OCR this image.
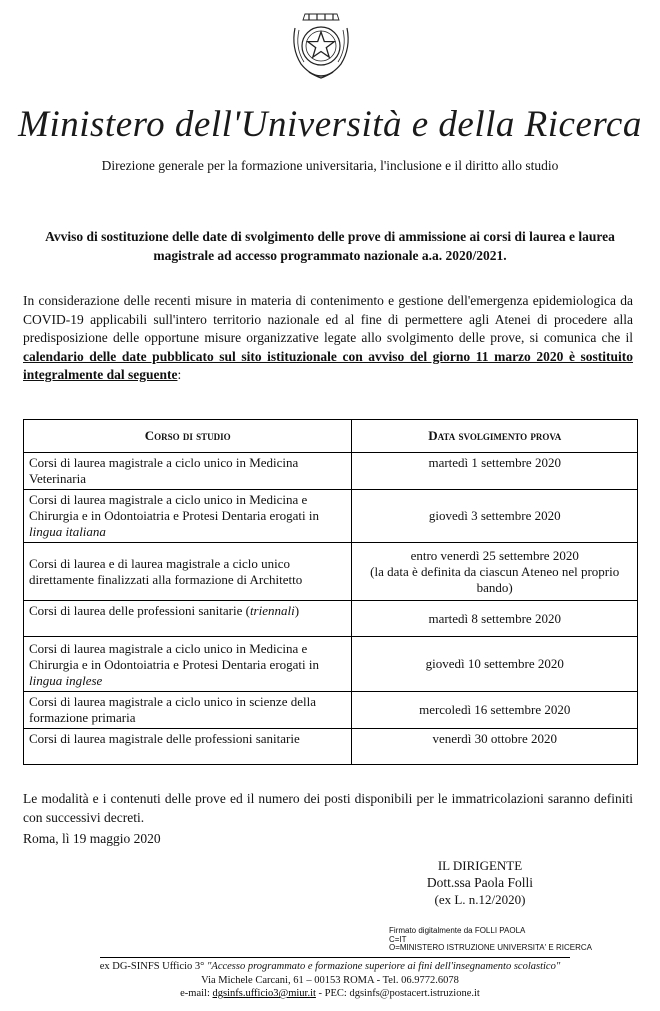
Ministero dell'Università e della Ricerca
Direzione generale per la formazione universitaria, l'inclusione e il diritto allo studio
Avviso di sostituzione delle date di svolgimento delle prove di ammissione ai corsi di laurea e laurea magistrale ad accesso programmato nazionale a.a. 2020/2021.
In considerazione delle recenti misure in materia di contenimento e gestione dell'emergenza epidemiologica da COVID-19 applicabili sull'intero territorio nazionale ed al fine di permettere agli Atenei di procedere alla predisposizione delle opportune misure organizzative legate allo svolgimento delle prove, si comunica che il calendario delle date pubblicato sul sito istituzionale con avviso del giorno 11 marzo 2020 è sostituito integralmente dal seguente:
Corso di studio	Data svolgimento prova
Corsi di laurea magistrale a ciclo unico in Medicina Veterinaria	martedì 1 settembre 2020
Corsi di laurea magistrale a ciclo unico in Medicina e Chirurgia e in Odontoiatria e Protesi Dentaria erogati in lingua italiana	giovedì 3 settembre 2020
Corsi di laurea e di laurea magistrale a ciclo unico direttamente finalizzati alla formazione di Architetto	entro venerdì 25 settembre 2020
(la data è definita da ciascun Ateneo nel proprio bando)

Corsi di laurea delle professioni sanitarie (triennali)	martedì 8 settembre 2020
Corsi di laurea magistrale a ciclo unico in Medicina e Chirurgia e in Odontoiatria e Protesi Dentaria erogati in lingua inglese	giovedì 10 settembre 2020
Corsi di laurea magistrale a ciclo unico in scienze della formazione primaria	mercoledì 16 settembre 2020
Corsi di laurea magistrale delle professioni sanitarie	venerdì 30 ottobre 2020
Le modalità e i contenuti delle prove ed il numero dei posti disponibili per le immatricolazioni saranno definiti con successivi decreti.
Roma, lì 19 maggio 2020
IL DIRIGENTE
Dott.ssa Paola Folli
(ex L. n.12/2020)
Firmato digitalmente da FOLLI PAOLA
C=IT
O=MINISTERO ISTRUZIONE UNIVERSITA' E RICERCA
ex DG-SINFS Ufficio 3° "Accesso programmato e formazione superiore ai fini dell'insegnamento scolastico"
Via Michele Carcani, 61 – 00153 ROMA - Tel. 06.9772.6078
e-mail: dgsinfs.ufficio3@miur.it - PEC: dgsinfs@postacert.istruzione.it
